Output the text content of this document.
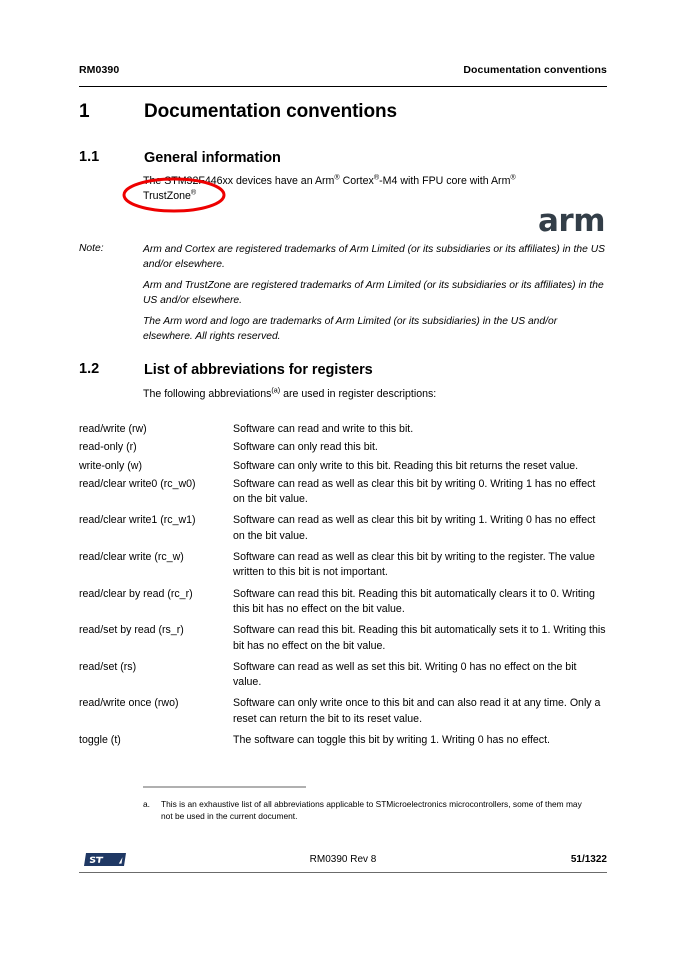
RM0390	Documentation conventions
1	Documentation conventions
1.1	General information
The STM32F446xx devices have an Arm® Cortex®-M4 with FPU core with Arm® TrustZone®
arm
Note:	Arm and Cortex are registered trademarks of Arm Limited (or its subsidiaries or its affiliates) in the US and/or elsewhere.

Arm and TrustZone are registered trademarks of Arm Limited (or its subsidiaries or its affiliates) in the US and/or elsewhere.

The Arm word and logo are trademarks of Arm Limited (or its subsidiaries) in the US and/or elsewhere. All rights reserved.

1.2	List of abbreviations for registers
The following abbreviations$^{(a)}$ are used in register descriptions:
read/write (rw)	Software can read and write to this bit.
read-only (r)	Software can only read this bit.
write-only (w)	Software can only write to this bit. Reading this bit returns the reset value.
read/clear write0 (rc_w0)	Software can read as well as clear this bit by writing 0. Writing 1 has no effect on the bit value.
read/clear write1 (rc_w1)	Software can read as well as clear this bit by writing 1. Writing 0 has no effect on the bit value.
read/clear write (rc_w)	Software can read as well as clear this bit by writing to the register. The value written to this bit is not important.
read/clear by read (rc_r)	Software can read this bit. Reading this bit automatically clears it to 0. Writing this bit has no effect on the bit value.
read/set by read (rs_r)	Software can read this bit. Reading this bit automatically sets it to 1. Writing this bit has no effect on the bit value.
read/set (rs)	Software can read as well as set this bit. Writing 0 has no effect on the bit value.
read/write once (rwo)	Software can only write once to this bit and can also read it at any time. Only a reset can return the bit to its reset value.
toggle (t)	The software can toggle this bit by writing 1. Writing 0 has no effect.
a. This is an exhaustive list of all abbreviations applicable to STMicroelectronics microcontrollers, some of them may not be used in the current document.
RM0390 Rev 8	51/1322
